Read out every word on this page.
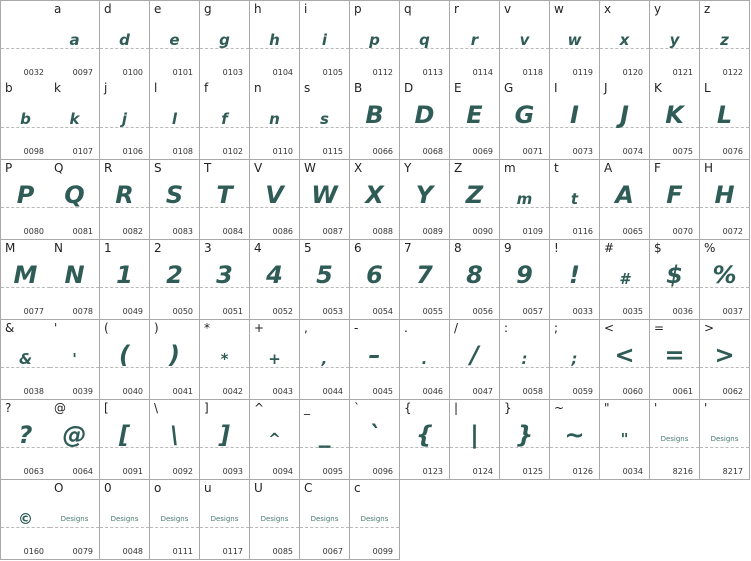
0032
a
a
0097
d
d
0100
e
e
0101
g
g
0103
h
h
0104
i
i
0105
p
p
0112
q
q
0113
r
r
0114
v
v
0118
w
w
0119
x
x
0120
y
y
0121
z
z
0122
b
b
0098
k
k
0107
j
j
0106
l
l
0108
f
f
0102
n
n
0110
s
s
0115
B
B
0066
D
D
0068
E
E
0069
G
G
0071
I
I
0073
J
J
0074
K
K
0075
L
L
0076
P
P
0080
Q
Q
0081
R
R
0082
S
S
0083
T
T
0084
V
V
0086
W
W
0087
X
X
0088
Y
Y
0089
Z
Z
0090
m
m
0109
t
t
0116
A
A
0065
F
F
0070
H
H
0072
M
M
0077
N
N
0078
1
1
0049
2
2
0050
3
3
0051
4
4
0052
5
5
0053
6
6
0054
7
7
0055
8
8
0056
9
9
0057
!
!
0033
#
#
0035
$
$
0036
%
%
0037
&
&
0038
'
'
0039
(
(
0040
)
)
0041
*
*
0042
+
+
0043
,
,
0044
-
–
0045
.
.
0046
/
/
0047
:
:
0058
;
;
0059
<
<
0060
=
=
0061
>
>
0062
?
?
0063
@
@
0064
[
[
0091
\
\
0092
]
]
0093
^
^
0094
_
▁
0095
`
`
0096
{
{
0123
|
|
0124
}
}
0125
~
~
0126
"
"
0034
'
Designs
8216
'
Designs
8217
©
0160
O
Designs
0079
0
Designs
0048
o
Designs
0111
u
Designs
0117
U
Designs
0085
C
Designs
0067
c
Designs
0099
